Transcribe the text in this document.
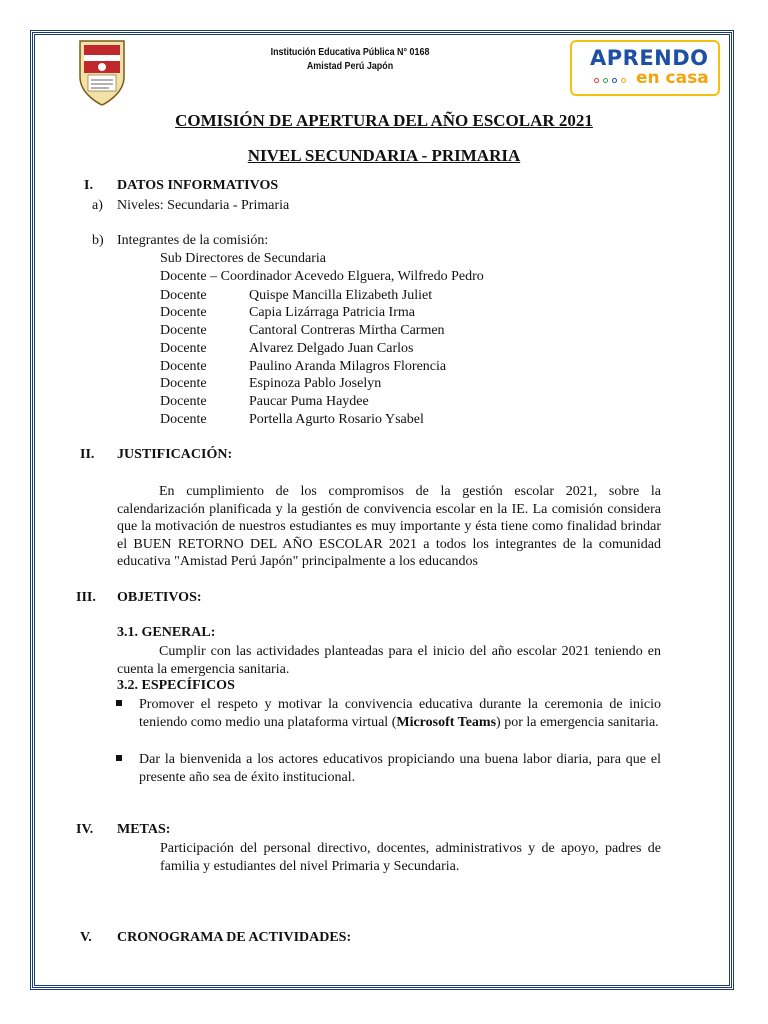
Institución Educativa Pública N° 0168
Amistad Perú Japón	APRENDO
en casa
COMISIÓN DE APERTURA DEL AÑO ESCOLAR 2021
NIVEL SECUNDARIA - PRIMARIA
I. DATOS INFORMATIVOS
a) Niveles: Secundaria - Primaria
b) Integrantes de la comisión:
Sub Directores de Secundaria
Docente – Coordinador Acevedo Elguera, Wilfredo Pedro
Docente	Quispe Mancilla Elizabeth Juliet
Docente	Capia Lizárraga Patricia Irma
Docente	Cantoral Contreras Mirtha Carmen
Docente	Alvarez Delgado Juan Carlos
Docente	Paulino Aranda Milagros Florencia
Docente	Espinoza Pablo Joselyn
Docente	Paucar Puma Haydee
Docente	Portella Agurto Rosario Ysabel
II. JUSTIFICACIÓN:
En cumplimiento de los compromisos de la gestión escolar 2021, sobre la calendarización planificada y la gestión de convivencia escolar en la IE. La comisión considera que la motivación de nuestros estudiantes es muy importante y ésta tiene como finalidad brindar el BUEN RETORNO DEL AÑO ESCOLAR 2021 a todos los integrantes de la comunidad educativa "Amistad Perú Japón" principalmente a los educandos
III. OBJETIVOS:
3.1. GENERAL:
Cumplir con las actividades planteadas para el inicio del año escolar 2021 teniendo en cuenta la emergencia sanitaria.
3.2. ESPECÍFICOS
Promover el respeto y motivar la convivencia educativa durante la ceremonia de inicio teniendo como medio una plataforma virtual (Microsoft Teams) por la emergencia sanitaria.
Dar la bienvenida a los actores educativos propiciando una buena labor diaria, para que el presente año sea de éxito institucional.
IV. METAS:
Participación del personal directivo, docentes, administrativos y de apoyo, padres de familia y estudiantes del nivel Primaria y Secundaria.
V. CRONOGRAMA DE ACTIVIDADES:
